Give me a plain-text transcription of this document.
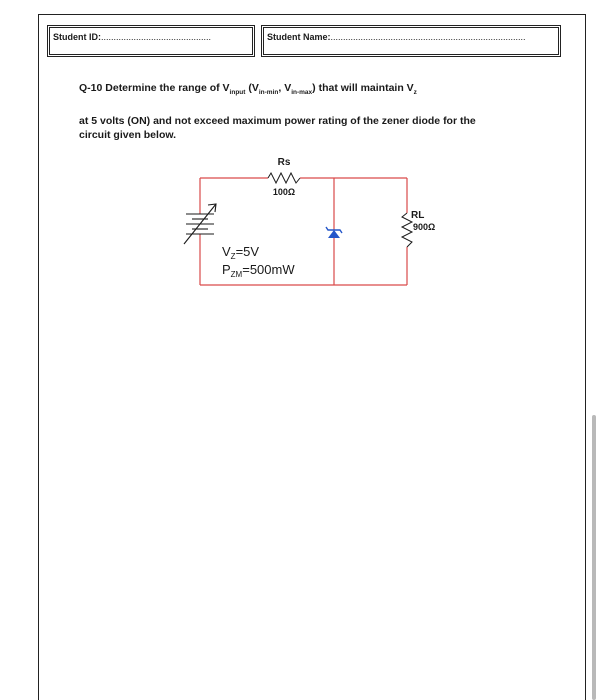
Student ID:............................................	Student Name:..............................................................................

Q-10 Determine the range of $V_{input}$ ($V_{in-min}$, $V_{in-max}$) that will maintain $V_z$

at 5 volts (ON) and not exceed maximum power rating of the zener diode for the

circuit given below.

Rs
100Ω
RL
900Ω
$V_Z=5V$
$P_{ZM}=500mW$
